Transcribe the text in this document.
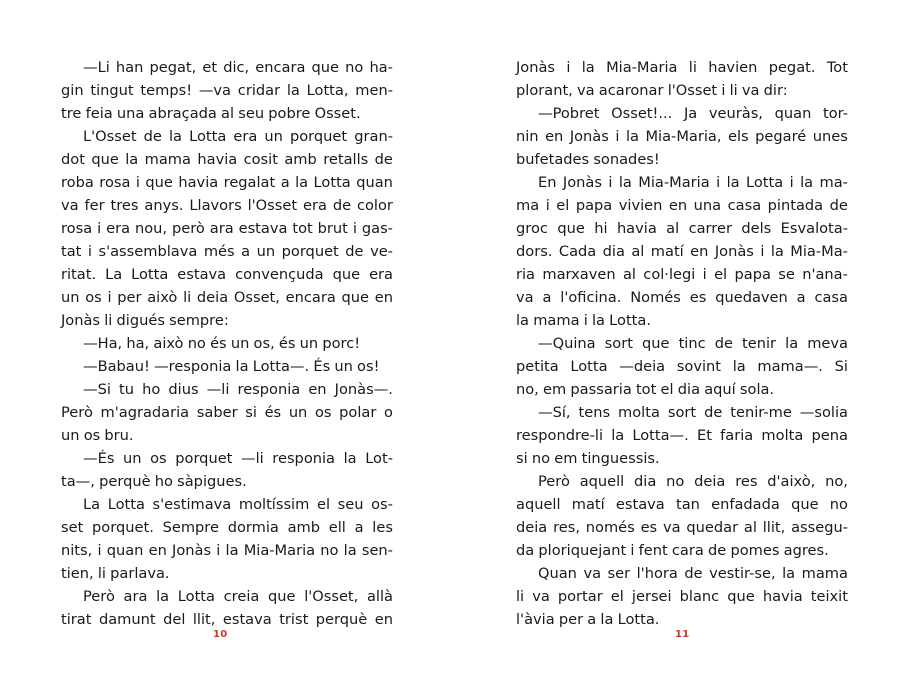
—Li han pegat, et dic, encara que no ha-
gin tingut temps! —va cridar la Lotta, men-
tre feia una abraçada al seu pobre Osset.
L'Osset de la Lotta era un porquet gran-
dot que la mama havia cosit amb retalls de
roba rosa i que havia regalat a la Lotta quan
va fer tres anys. Llavors l'Osset era de color
rosa i era nou, però ara estava tot brut i gas-
tat i s'assemblava més a un porquet de ve-
ritat. La Lotta estava convençuda que era
un os i per això li deia Osset, encara que en
Jonàs li digués sempre:
—Ha, ha, això no és un os, és un porc!
—Babau! —responia la Lotta—. És un os!
—Si tu ho dius —li responia en Jonàs—.
Però m'agradaria saber si és un os polar o
un os bru.
—És un os porquet —li responia la Lot-
ta—, perquè ho sàpigues.
La Lotta s'estimava moltíssim el seu os-
set porquet. Sempre dormia amb ell a les
nits, i quan en Jonàs i la Mia-Maria no la sen-
tien, li parlava.
Però ara la Lotta creia que l'Osset, allà
tirat damunt del llit, estava trist perquè en
Jonàs i la Mia-Maria li havien pegat. Tot
plorant, va acaronar l'Osset i li va dir:
—Pobret Osset!... Ja veuràs, quan tor-
nin en Jonàs i la Mia-Maria, els pegaré unes
bufetades sonades!
En Jonàs i la Mia-Maria i la Lotta i la ma-
ma i el papa vivien en una casa pintada de
groc que hi havia al carrer dels Esvalota-
dors. Cada dia al matí en Jonàs i la Mia-Ma-
ria marxaven al col·legi i el papa se n'ana-
va a l'oficina. Només es quedaven a casa
la mama i la Lotta.
—Quina sort que tinc de tenir la meva
petita Lotta —deia sovint la mama—. Si
no, em passaria tot el dia aquí sola.
—Sí, tens molta sort de tenir-me —solia
respondre-li la Lotta—. Et faria molta pena
si no em tinguessis.
Però aquell dia no deia res d'això, no,
aquell matí estava tan enfadada que no
deia res, només es va quedar al llit, assegu-
da ploriquejant i fent cara de pomes agres.
Quan va ser l'hora de vestir-se, la mama
li va portar el jersei blanc que havia teixit
l'àvia per a la Lotta.
10	11
